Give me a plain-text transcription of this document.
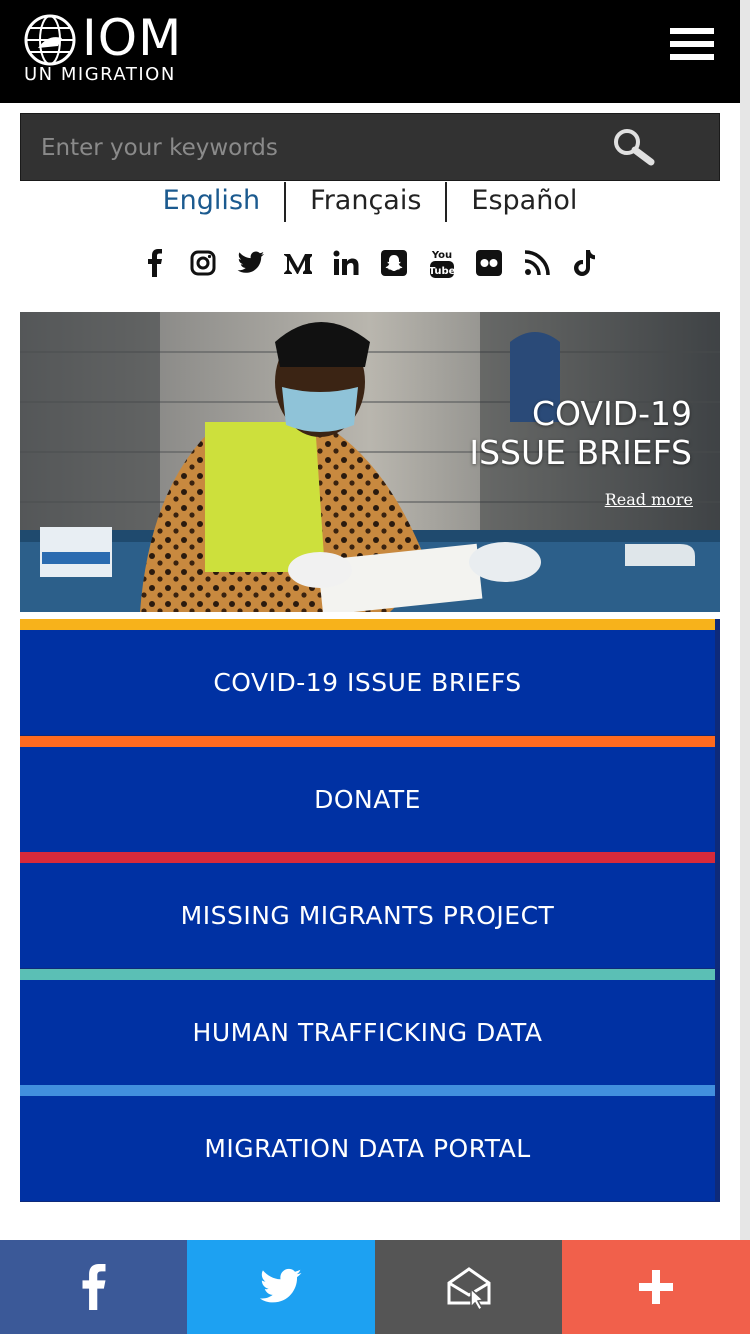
IOM
UN MIGRATION
Enter your keywords
English	Français	Español
You
Tube
COVID-19
ISSUE BRIEFS
Read more
COVID-19 ISSUE BRIEFS
DONATE
MISSING MIGRANTS PROJECT
HUMAN TRAFFICKING DATA
MIGRATION DATA PORTAL
